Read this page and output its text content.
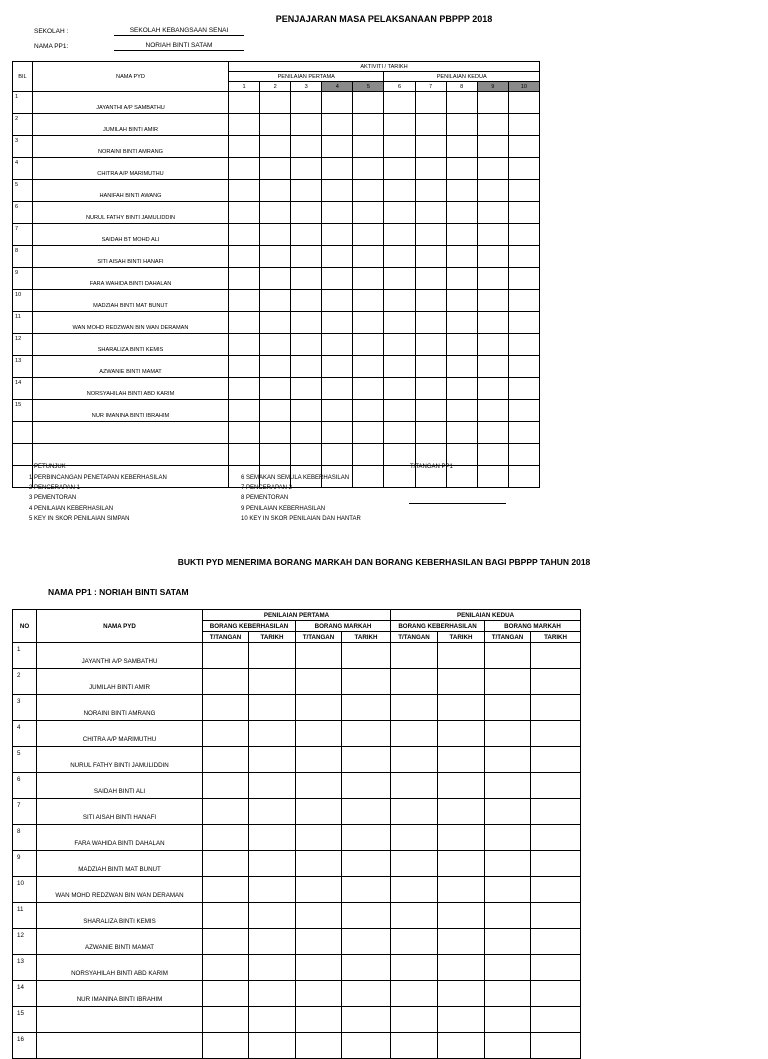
PENJAJARAN MASA PELAKSANAAN PBPPP 2018
SEKOLAH :	SEKOLAH KEBANGSAAN SENAI
NAMA PP1:	NORIAH BINTI SATAM
BIL	NAMA PYD	AKTIVITI / TARIKH									
		PENILAIAN PERTAMA					PENILAIAN KEDUA				
		1	2	3	4	5	6	7	8	9	10
1	JAYANTHI A/P SAMBATHU										
2	JUMILAH BINTI AMIR										
3	NORAINI BINTI AMRANG										
4	CHITRA A/P MARIMUTHU										
5	HANIFAH BINTI AWANG										
6	NURUL FATHY BINTI JAMULIDDIN										
7	SAIDAH BT MOHD ALI										
8	SITI AISAH BINTI HANAFI										
9	FARA WAHIDA BINTI DAHALAN										
10	MADZIAH BINTI MAT BUNUT										
11	WAN MOHD REDZWAN BIN WAN DERAMAN										
12	SHARALIZA BINTI KEMIS										
13	AZWANIE BINTI MAMAT										
14	NORSYAHILAH BINTI ABD KARIM										
15	NUR IMANINA BINTI IBRAHIM										

PETUNJUK
1 PERBINCANGAN PENETAPAN KEBERHASILAN
2 PENCERAPAN 1
3 PEMENTORAN
4 PENILAIAN KEBERHASILAN
5 KEY IN SKOR PENILAIAN SIMPAN
6 SEMAKAN SEMULA KEBERHASILAN
7 PENCERAPAN 2
8 PEMENTORAN
9 PENILAIAN KEBERHASILAN
10 KEY IN SKOR PENILAIAN DAN HANTAR
T/TANGAN PP1
BUKTI PYD MENERIMA BORANG MARKAH DAN BORANG KEBERHASILAN BAGI PBPPP TAHUN 2018
NAMA PP1 : NORIAH BINTI SATAM
NO	NAMA PYD	PENILAIAN PERTAMA				PENILAIAN KEDUA			
		BORANG KEBERHASILAN		BORANG MARKAH		BORANG KEBERHASILAN		BORANG MARKAH	
		T/TANGAN	TARIKH	T/TANGAN	TARIKH	T/TANGAN	TARIKH	T/TANGAN	TARIKH
1	JAYANTHI A/P SAMBATHU								
2	JUMILAH BINTI AMIR								
3	NORAINI BINTI AMRANG								
4	CHITRA A/P MARIMUTHU								
5	NURUL FATHY BINTI JAMULIDDIN								
6	SAIDAH BINTI ALI								
7	SITI AISAH BINTI HANAFI								
8	FARA WAHIDA BINTI DAHALAN								
9	MADZIAH BINTI MAT BUNUT								
10	WAN MOHD REDZWAN BIN WAN DERAMAN								
11	SHARALIZA BINTI KEMIS								
12	AZWANIE BINTI MAMAT								
13	NORSYAHILAH BINTI ABD KARIM								
14	NUR IMANINA BINTI IBRAHIM								
15									
16									
